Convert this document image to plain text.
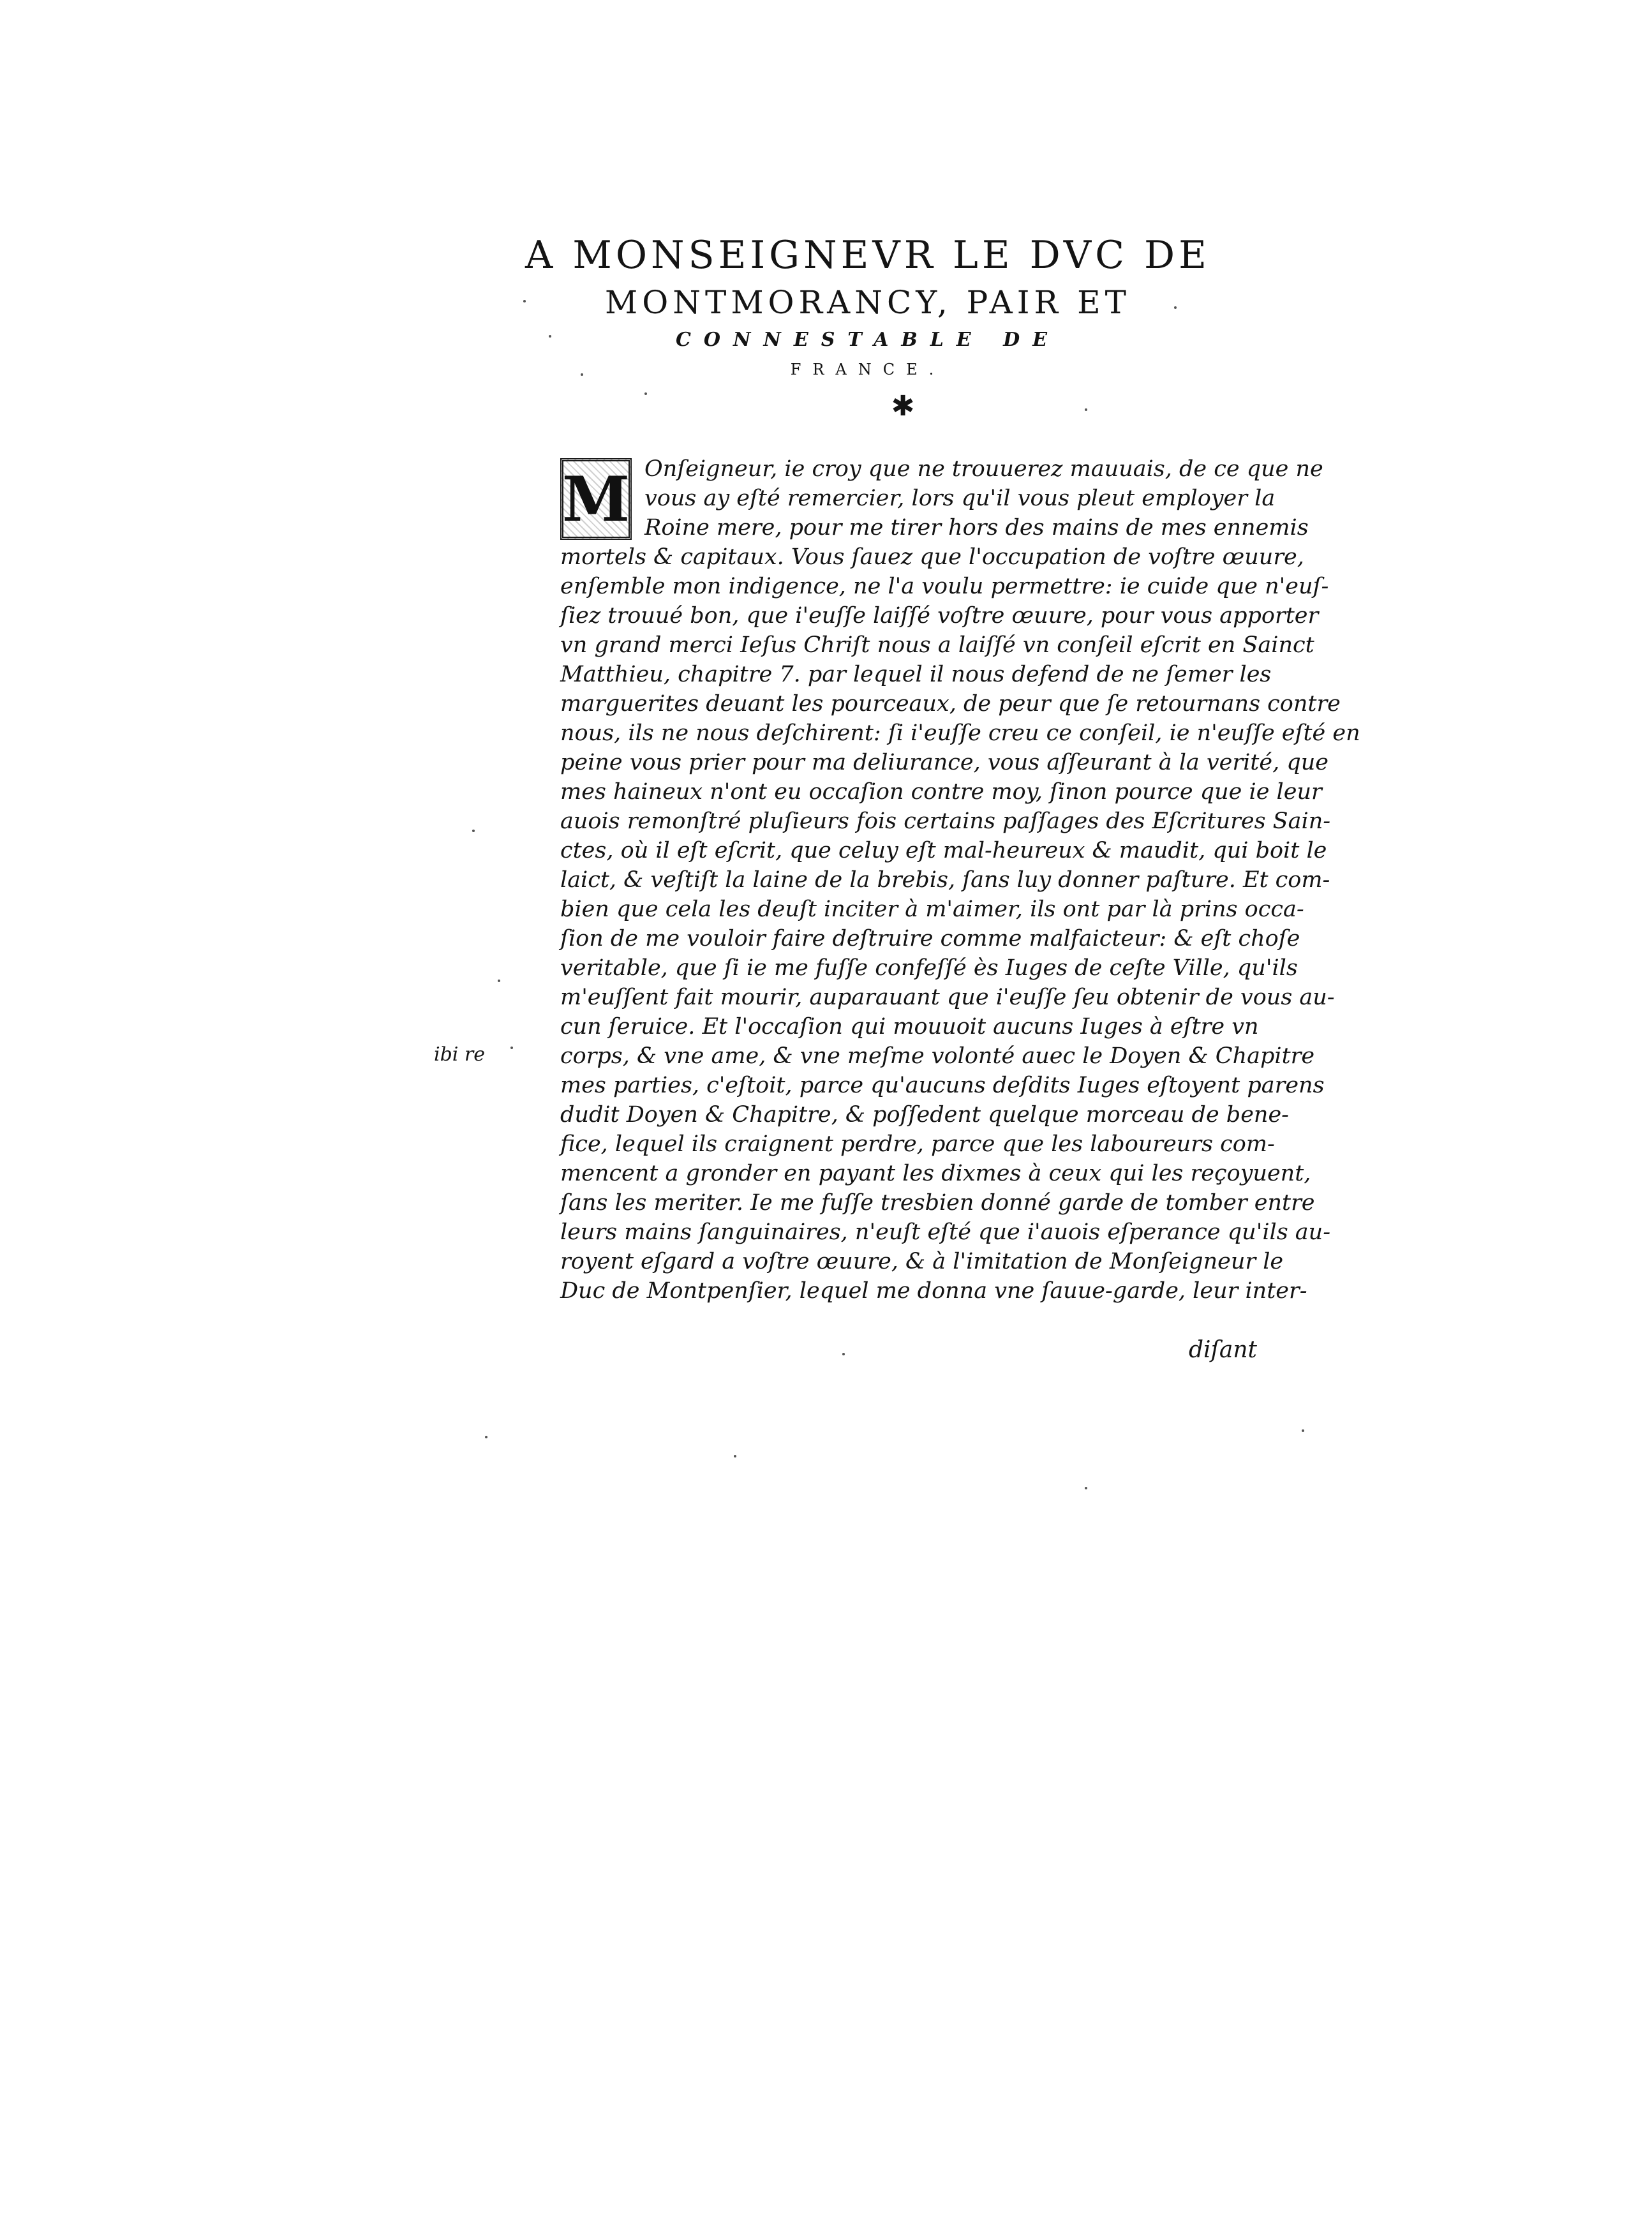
A MONSEIGNEVR LE DVC DE
MONTMORANCY, PAIR ET
CONNESTABLE DE
FRANCE.
✱
M Onſeigneur, ie croy que ne trouuerez mauuais, de ce que ne
vous ay eſté remercier, lors qu'il vous pleut employer la
Roine mere, pour me tirer hors des mains de mes ennemis
mortels & capitaux. Vous ſauez que l'occupation de voſtre œuure,
enſemble mon indigence, ne l'a voulu permettre: ie cuide que n'euſ-
ſiez trouué bon, que i'euſſe laiſſé voſtre œuure, pour vous apporter
vn grand merci Ieſus Chriſt nous a laiſſé vn conſeil eſcrit en Sainct
Matthieu, chapitre 7. par lequel il nous defend de ne ſemer les
marguerites deuant les pourceaux, de peur que ſe retournans contre
nous, ils ne nous deſchirent: ſi i'euſſe creu ce conſeil, ie n'euſſe eſté en
peine vous prier pour ma deliurance, vous aſſeurant à la verité, que
mes haineux n'ont eu occaſion contre moy, ſinon pource que ie leur
auois remonſtré pluſieurs fois certains paſſages des Eſcritures Sain-
ctes, où il eſt eſcrit, que celuy eſt mal-heureux & maudit, qui boit le
laict, & veſtiſt la laine de la brebis, ſans luy donner paſture. Et com-
bien que cela les deuſt inciter à m'aimer, ils ont par là prins occa-
ſion de me vouloir faire deſtruire comme malfaicteur: & eſt choſe
veritable, que ſi ie me fuſſe confeſſé ès Iuges de ceſte Ville, qu'ils
m'euſſent fait mourir, auparauant que i'euſſe ſeu obtenir de vous au-
cun ſeruice. Et l'occaſion qui mouuoit aucuns Iuges à eſtre vn
corps, & vne ame, & vne meſme volonté auec le Doyen & Chapitre
mes parties, c'eſtoit, parce qu'aucuns deſdits Iuges eſtoyent parens
dudit Doyen & Chapitre, & poſſedent quelque morceau de bene-
fice, lequel ils craignent perdre, parce que les laboureurs com-
mencent a gronder en payant les dixmes à ceux qui les reçoyuent,
ſans les meriter. Ie me fuſſe tresbien donné garde de tomber entre
leurs mains ſanguinaires, n'euſt eſté que i'auois eſperance qu'ils au-
royent eſgard a voſtre œuure, & à l'imitation de Monſeigneur le
Duc de Montpenſier, lequel me donna vne ſauue-garde, leur inter-
diſant
ibi re
